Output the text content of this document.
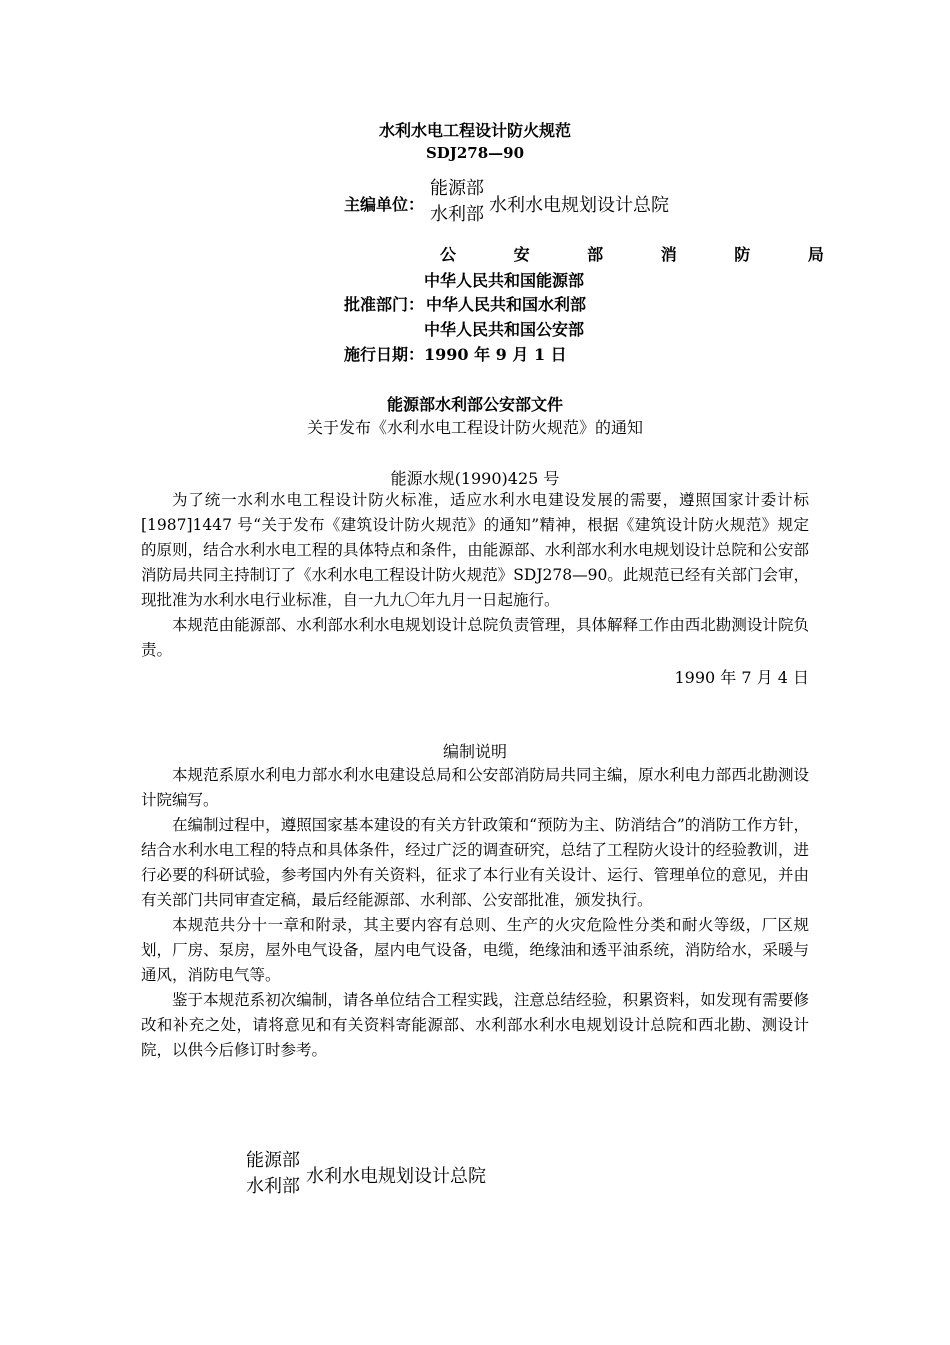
水利水电工程设计防火规范
SDJ278—90
主编单位：
能源部
水利部 水利水电规划设计总院
公 安 部 消 防 局
中华人民共和国能源部
批准部门： 中华人民共和国水利部
中华人民共和国公安部
施行日期：1990 年 9 月 1 日
能源部水利部公安部文件
关于发布《水利水电工程设计防火规范》的通知
能源水规(1990)425 号

为了统一水利水电工程设计防火标准，适应水利水电建设发展的需要，遵照国家计委计标[1987]1447 号“关于发布《建筑设计防火规范》的通知”精神，根据《建筑设计防火规范》规定的原则，结合水利水电工程的具体特点和条件，由能源部、水利部水利水电规划设计总院和公安部消防局共同主持制订了《水利水电工程设计防火规范》SDJ278—90。此规范已经有关部门会审，现批准为水利水电行业标准，自一九九〇年九月一日起施行。

本规范由能源部、水利部水利水电规划设计总院负责管理，具体解释工作由西北勘测设计院负责。

1990 年 7 月 4 日
编制说明

本规范系原水利电力部水利水电建设总局和公安部消防局共同主编，原水利电力部西北勘测设计院编写。

在编制过程中，遵照国家基本建设的有关方针政策和“预防为主、防消结合”的消防工作方针，结合水利水电工程的特点和具体条件，经过广泛的调查研究，总结了工程防火设计的经验教训，进行必要的科研试验，参考国内外有关资料，征求了本行业有关设计、运行、管理单位的意见，并由有关部门共同审查定稿，最后经能源部、水利部、公安部批准，颁发执行。

本规范共分十一章和附录，其主要内容有总则、生产的火灾危险性分类和耐火等级，厂区规划，厂房、泵房，屋外电气设备，屋内电气设备，电缆，绝缘油和透平油系统，消防给水，采暖与通风，消防电气等。

鉴于本规范系初次编制，请各单位结合工程实践，注意总结经验，积累资料，如发现有需要修改和补充之处，请将意见和有关资料寄能源部、水利部水利水电规划设计总院和西北勘、测设计院，以供今后修订时参考。

能源部
水利部 水利水电规划设计总院
